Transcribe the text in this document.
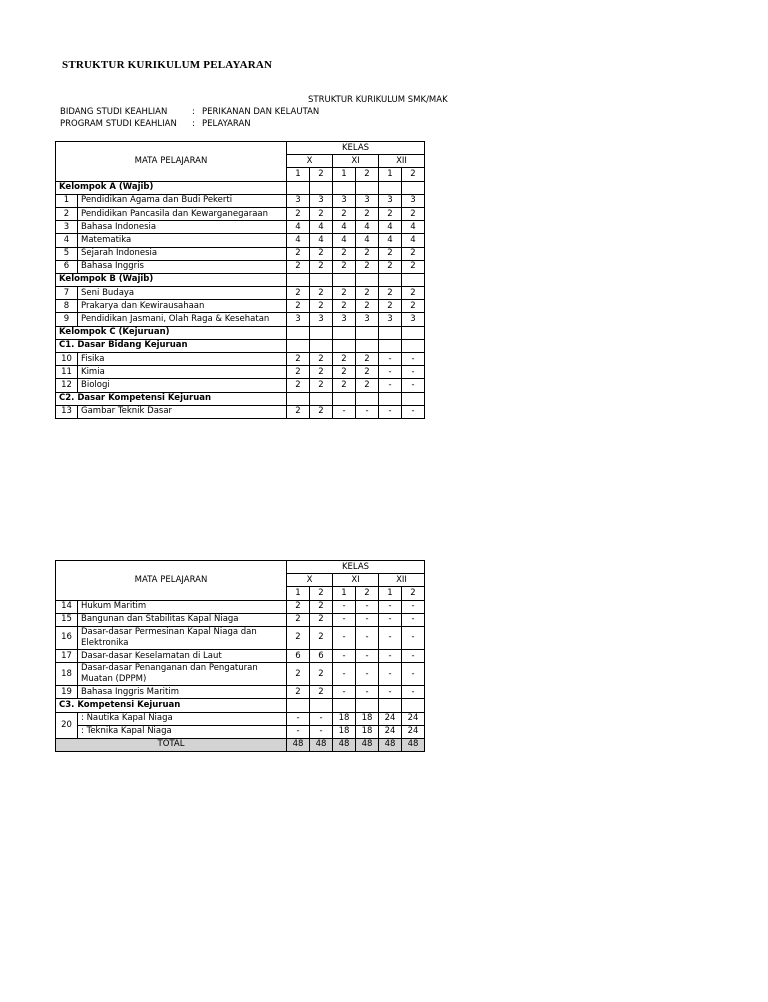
STRUKTUR KURIKULUM PELAYARAN
STRUKTUR KURIKULUM SMK/MAK
BIDANG STUDI KEAHLIAN	: PERIKANAN DAN KELAUTAN
PROGRAM STUDI KEAHLIAN : PELAYARAN
MATA PELAJARAN		KELAS					
		X		XI		XII	
		1	2	1	2	1	2
Kelompok A (Wajib)							
1	Pendidikan Agama dan Budi Pekerti	3	3	3	3	3	3
2	Pendidikan Pancasila dan Kewarganegaraan	2	2	2	2	2	2
3	Bahasa Indonesia	4	4	4	4	4	4
4	Matematika	4	4	4	4	4	4
5	Sejarah Indonesia	2	2	2	2	2	2
6	Bahasa Inggris	2	2	2	2	2	2
Kelompok B (Wajib)							
7	Seni Budaya	2	2	2	2	2	2
8	Prakarya dan Kewirausahaan	2	2	2	2	2	2
9	Pendidikan Jasmani, Olah Raga & Kesehatan	3	3	3	3	3	3
Kelompok C (Kejuruan)							
C1. Dasar Bidang Kejuruan							
10	Fisika	2	2	2	2	-	-
11	Kimia	2	2	2	2	-	-
12	Biologi	2	2	2	2	-	-
C2. Dasar Kompetensi Kejuruan							
13	Gambar Teknik Dasar	2	2	-	-	-	-
MATA PELAJARAN		KELAS					
		X		XI		XII	
		1	2	1	2	1	2
14	Hukum Maritim	2	2	-	-	-	-
15	Bangunan dan Stabilitas Kapal Niaga	2	2	-	-	-	-
16	Dasar-dasar Permesinan Kapal Niaga dan Elektronika	2	2	-	-	-	-
17	Dasar-dasar Keselamatan di Laut	6	6	-	-	-	-
18	Dasar-dasar Penanganan dan Pengaturan Muatan (DPPM)	2	2	-	-	-	-
19	Bahasa Inggris Maritim	2	2	-	-	-	-
C3. Kompetensi Kejuruan							
20	: Nautika Kapal Niaga	-	-	18	18	24	24
	: Teknika Kapal Niaga	-	-	18	18	24	24
TOTAL		48	48	48	48	48	48
